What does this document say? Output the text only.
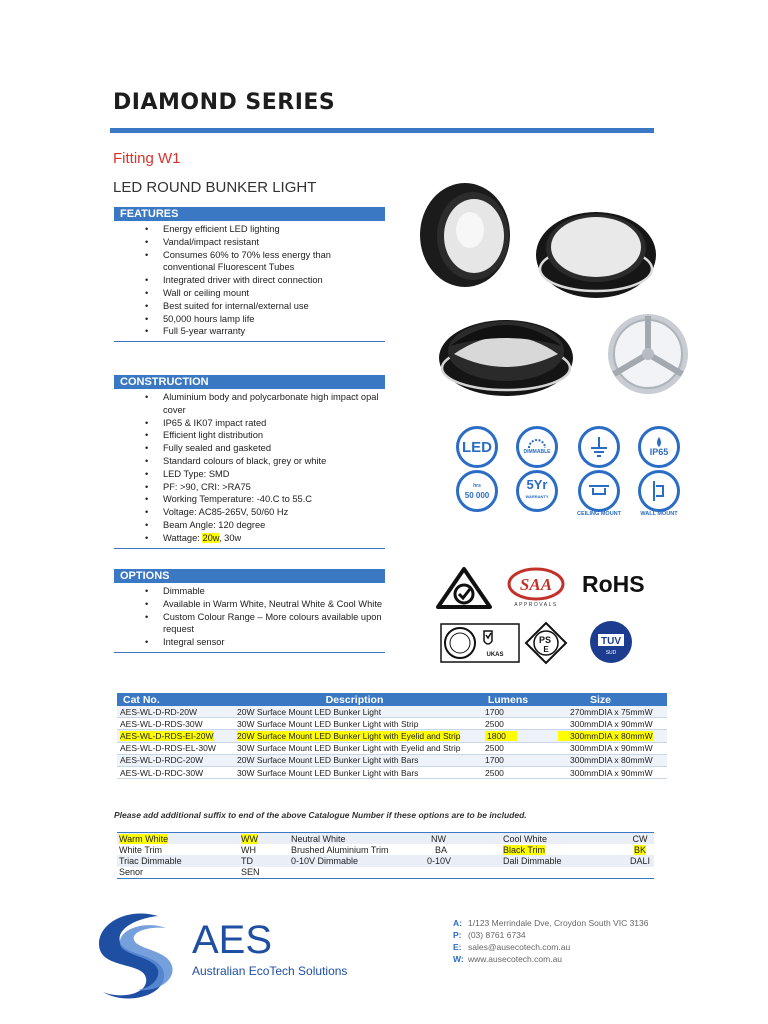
DIAMOND SERIES
Fitting W1
LED ROUND BUNKER LIGHT
FEATURES
• Energy efficient LED lighting
• Vandal/impact resistant
• Consumes 60% to 70% less energy than conventional Fluorescent Tubes
• Integrated driver with direct connection
• Wall or ceiling mount
• Best suited for internal/external use
• 50,000 hours lamp life
• Full 5-year warranty
CONSTRUCTION
• Aluminium body and polycarbonate high impact opal cover
• IP65 & IK07 impact rated
• Efficient light distribution
• Fully sealed and gasketed
• Standard colours of black, grey or white
• LED Type: SMD
• PF: >90, CRI: >RA75
• Working Temperature: -40.C to 55.C
• Voltage: AC85-265V, 50/60 Hz
• Beam Angle: 120 degree
• Wattage: 20w, 30w
OPTIONS
• Dimmable
• Available in Warm White, Neutral White & Cool White
• Custom Colour Range – More colours available upon request
• Integral sensor
LED	DIMMABLE	IP65
hrs
50 000
5Yr
WARRANTY
CEILING MOUNT	WALL MOUNT
SAA
APPROVALS
RoHS
UKAS
PS
E
TUV
SUD
Cat No.	Description	Lumens	Size
AES-WL-D-RD-20W	20W Surface Mount LED Bunker Light	1700	270mmDIA x 75mmW
AES-WL-D-RDS-30W	30W Surface Mount LED Bunker Light with Strip	2500	300mmDIA x 90mmW
AES-WL-D-RDS-EI-20W	20W Surface Mount LED Bunker Light with Eyelid and Strip	1800	300mmDIA x 80mmW
AES-WL-D-RDS-EL-30W	30W Surface Mount LED Bunker Light with Eyelid and Strip	2500	300mmDIA x 90mmW
AES-WL-D-RDC-20W	20W Surface Mount LED Bunker Light with Bars	1700	300mmDIA x 80mmW
AES-WL-D-RDC-30W	30W Surface Mount LED Bunker Light with Bars	2500	300mmDIA x 90mmW
Please add additional suffix to end of the above Catalogue Number if these options are to be included.
Warm White	WW	Neutral White	NW	Cool White	CW
White Trim	WH	Brushed Aluminium Trim	BA	Black Trim	BK
Triac Dimmable	TD	0-10V Dimmable	0-10V	Dali Dimmable	DALI
Senor	SEN				
AES
Australian EcoTech Solutions
A: 1/123 Merrindale Dve, Croydon South VIC 3136
P: (03) 8761 6734
E: sales@ausecotech.com.au
W: www.ausecotech.com.au
